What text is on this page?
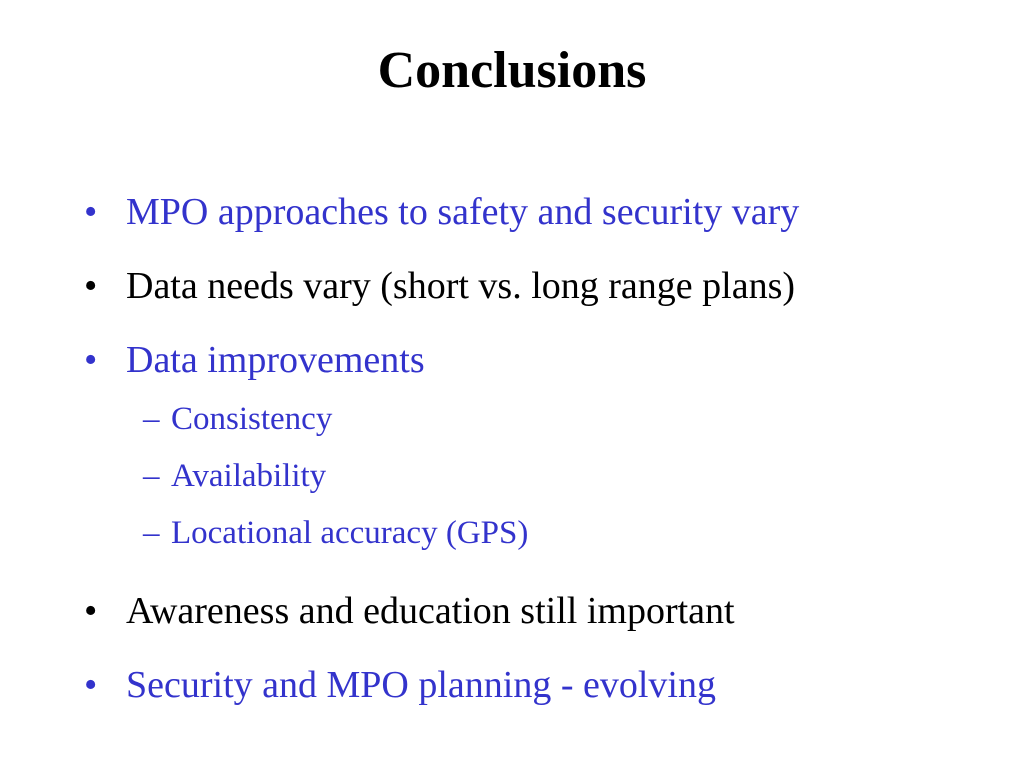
Conclusions
• MPO approaches to safety and security vary
• Data needs vary (short vs. long range plans)
• Data improvements
– Consistency
– Availability
– Locational accuracy (GPS)
• Awareness and education still important
• Security and MPO planning - evolving
